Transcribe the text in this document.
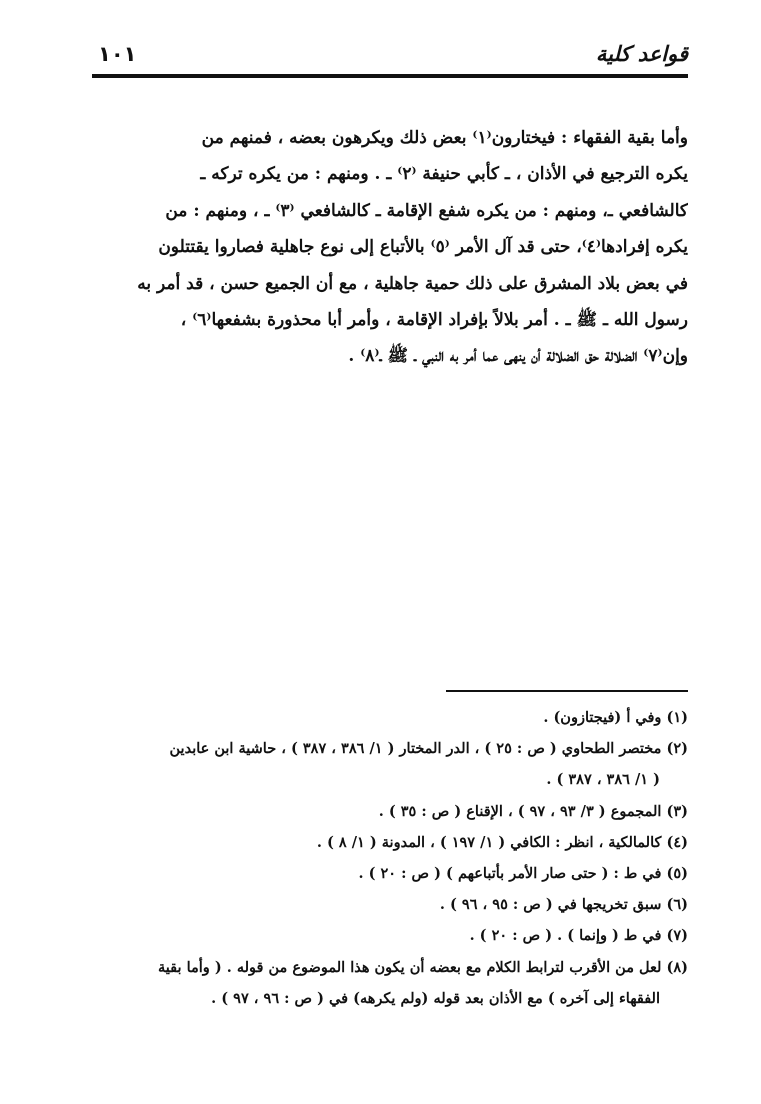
قواعد كلية
١٠١
وأما بقية الفقهاء : فيختارون⁽١⁾ بعض ذلك ويكرهون بعضه ، فمنهم من
يكره الترجيع في الأذان ، ـ كأبي حنيفة ⁽٢⁾ ـ . ومنهم : من يكره تركه ـ
كالشافعي ـ، ومنهم : من يكره شفع الإقامة ـ كالشافعي ⁽٣⁾ ـ ، ومنهم : من
يكره إفرادها⁽٤⁾، حتى قد آل الأمر ⁽٥⁾ بالأتباع إلى نوع جاهلية فصاروا يقتتلون
في بعض بلاد المشرق على ذلك حمية جاهلية ، مع أن الجميع حسن ، قد أمر به
رسول الله ـ ﷺ ـ . أمر بلالاً بإفراد الإقامة ، وأمر أبا محذورة بشفعها⁽٦⁾ ،
وإن⁽٧⁾ الضلالة حق الضلالة أن ينهى عما أمر به النبي ـ ﷺ ـ⁽٨⁾ .
(١) وفي أ (فيجتازون) .
(٢) مختصر الطحاوي ( ص : ٢٥ ) ، الدر المختار ( ١/ ٣٨٦ ، ٣٨٧ ) ، حاشية ابن عابدين
( ١/ ٣٨٦ ، ٣٨٧ ) .
(٣) المجموع ( ٣/ ٩٣ ، ٩٧ ) ، الإقناع ( ص : ٣٥ ) .
(٤) كالمالكية ، انظر : الكافي ( ١/ ١٩٧ ) ، المدونة ( ١/ ٨ ) .
(٥) في ط : ( حتى صار الأمر بأتباعهم ) ( ص : ٢٠ ) .
(٦) سبق تخريجها في ( ص : ٩٥ ، ٩٦ ) .
(٧) في ط ( وإنما ) . ( ص : ٢٠ ) .
(٨) لعل من الأقرب لترابط الكلام مع بعضه أن يكون هذا الموضوع من قوله . ( وأما بقية
الفقهاء إلى آخره ) مع الأذان بعد قوله (ولم يكرهه) في ( ص : ٩٦ ، ٩٧ ) .
